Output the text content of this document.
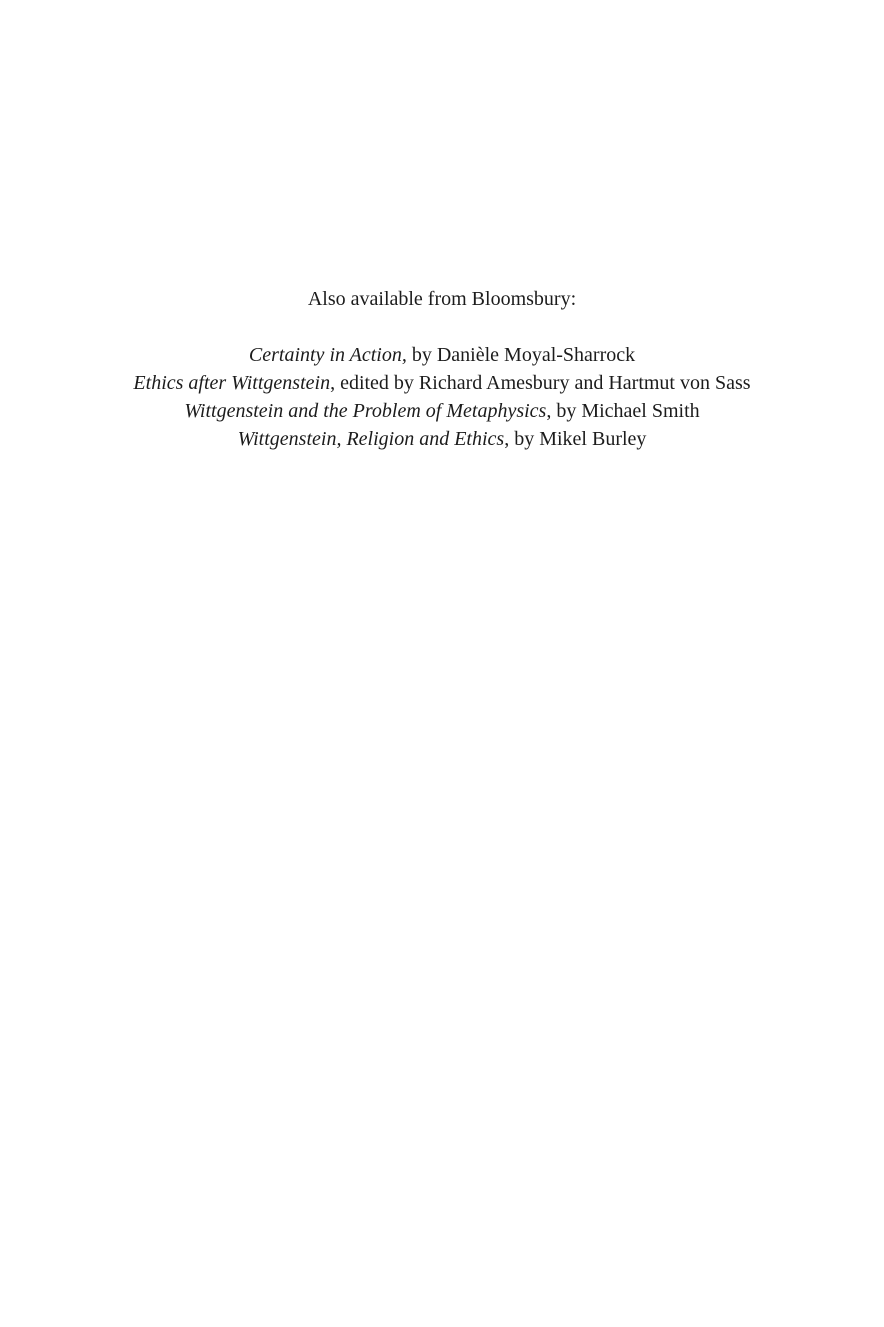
Also available from Bloomsbury:

Certainty in Action, by Danièle Moyal-Sharrock

Ethics after Wittgenstein, edited by Richard Amesbury and Hartmut von Sass

Wittgenstein and the Problem of Metaphysics, by Michael Smith

Wittgenstein, Religion and Ethics, by Mikel Burley
